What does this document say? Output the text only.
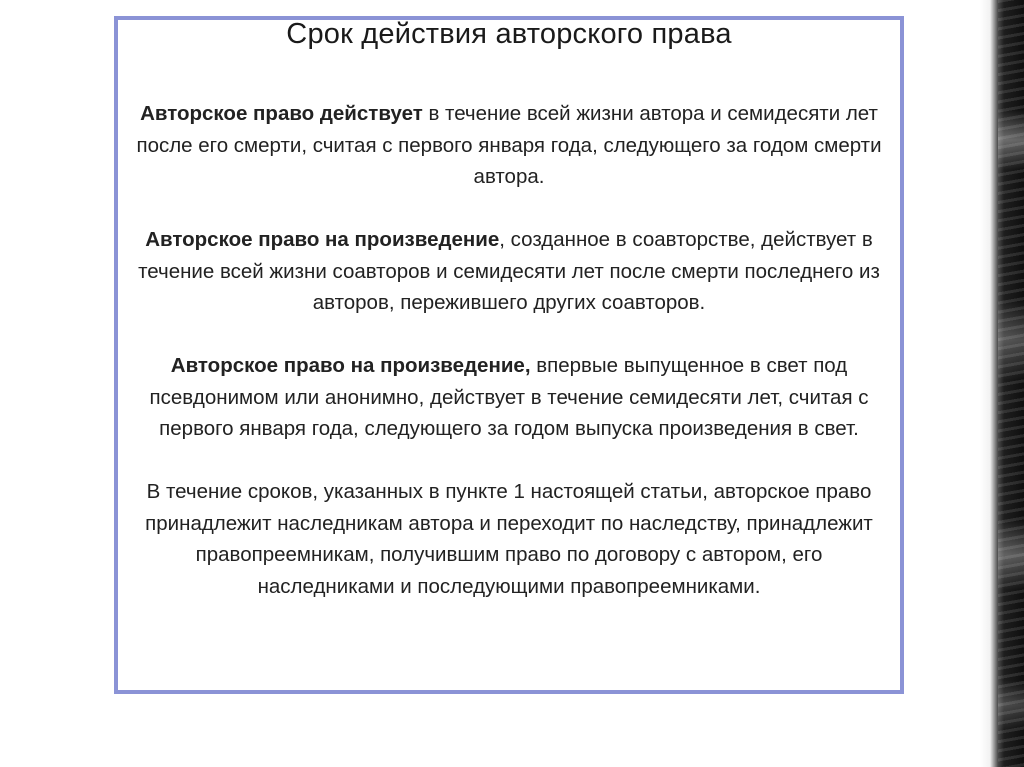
Срок действия авторского права

Авторское право действует в течение всей жизни автора и семидесяти лет после его смерти, считая с первого января года, следующего за годом смерти автора.

Авторское право на произведение, созданное в соавторстве, действует в течение всей жизни соавторов и семидесяти лет после смерти последнего из авторов, пережившего других соавторов.

Авторское право на произведение, впервые выпущенное в свет под псевдонимом или анонимно, действует в течение семидесяти лет, считая с первого января года, следующего за годом выпуска произведения в свет.

В течение сроков, указанных в пункте 1 настоящей статьи, авторское право принадлежит наследникам автора и переходит по наследству, принадлежит правопреемникам, получившим право по договору с автором, его наследниками и последующими правопреемниками.
